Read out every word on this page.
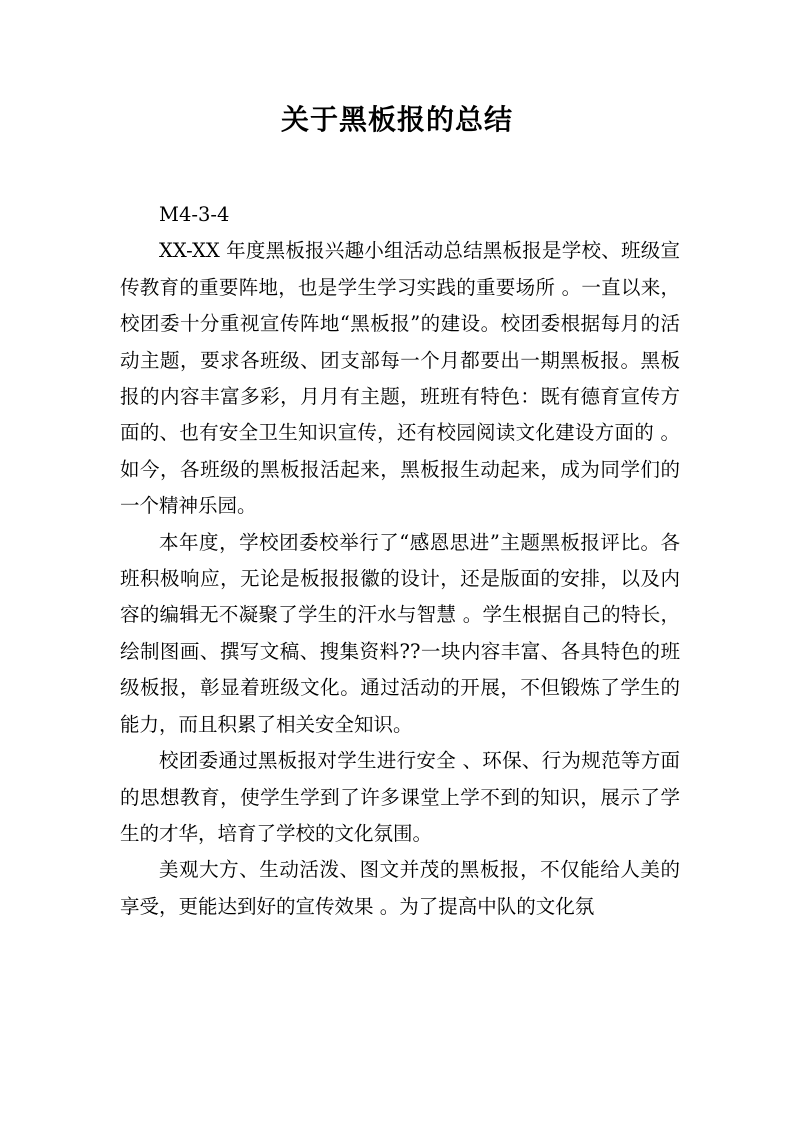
关于黑板报的总结

M4-3-4

XX-XX 年度黑板报兴趣小组活动总结黑板报是学校、班级宣传教育的重要阵地，也是学生学习实践的重要场所 。一直以来，校团委十分重视宣传阵地“黑板报”的建设。校团委根据每月的活动主题，要求各班级、团支部每一个月都要出一期黑板报。黑板报的内容丰富多彩，月月有主题，班班有特色：既有德育宣传方面的、也有安全卫生知识宣传，还有校园阅读文化建设方面的 。如今，各班级的黑板报活起来，黑板报生动起来，成为同学们的一个精神乐园。

本年度，学校团委校举行了“感恩思进”主题黑板报评比。各班积极响应，无论是板报报徽的设计，还是版面的安排，以及内容的编辑无不凝聚了学生的汗水与智慧 。学生根据自己的特长，绘制图画、撰写文稿、搜集资料??一块内容丰富、各具特色的班级板报，彰显着班级文化。通过活动的开展，不但锻炼了学生的能力，而且积累了相关安全知识。

校团委通过黑板报对学生进行安全 、环保、行为规范等方面的思想教育，使学生学到了许多课堂上学不到的知识，展示了学生的才华，培育了学校的文化氛围。

美观大方、生动活泼、图文并茂的黑板报，不仅能给人美的享受，更能达到好的宣传效果 。为了提高中队的文化氛
